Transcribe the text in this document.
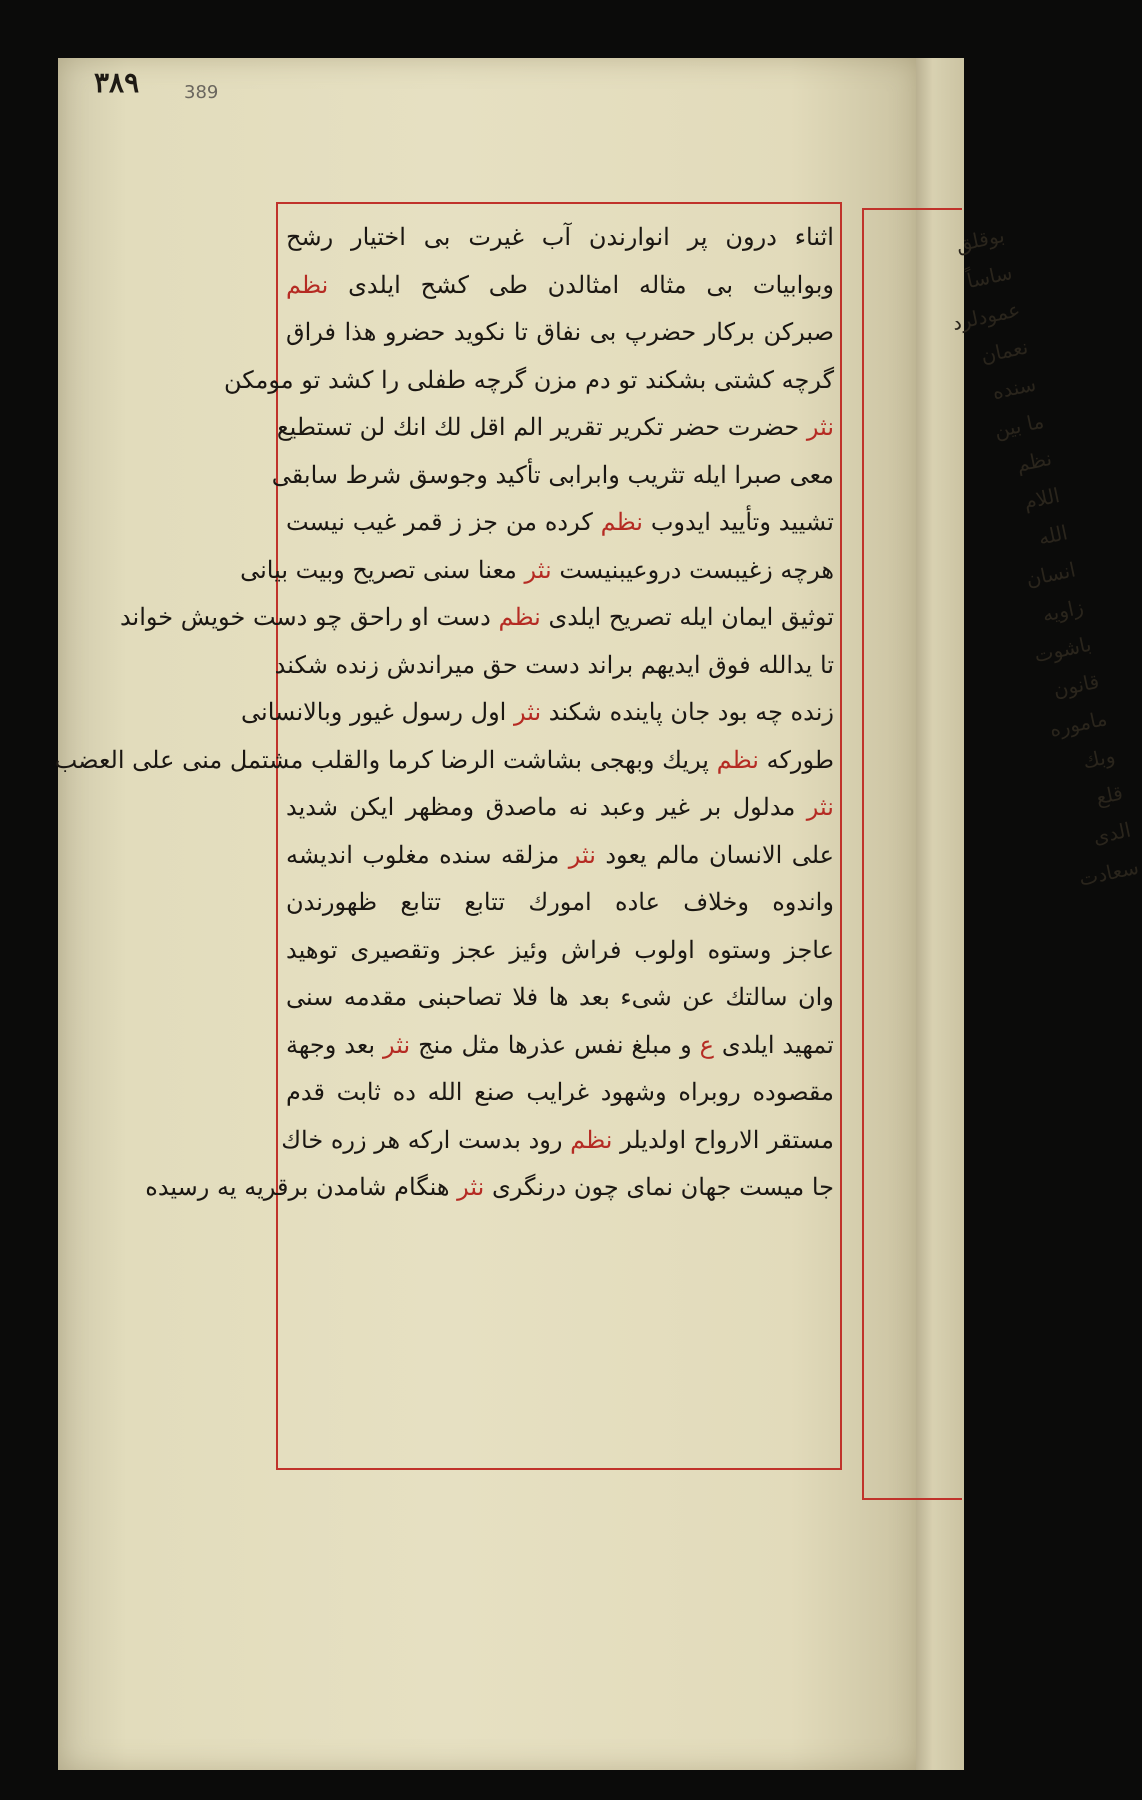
٣٨٩ 389
اثناء درون پر انوارندن آب غیرت بی اختیار رشح
وبوابیات بی مثاله امثالدن طی کشح ایلدی نظم
صبرکن برکار حضرپ بی نفاق تا نکوید حضرو هذا فراق
گرچه کشتی بشکند تو دم مزن گرچه طفلی را کشد تو مومکن
نثر حضرت حضر تکریر تقریر الم اقل لك انك لن تستطیع
معی صبرا ایله تثریب وابرابی تأکید وجوسق شرط سابقی
تشیید وتأیید ایدوب نظم کرده من جز ز قمر غیب نیست
هرچه زغیبست دروعیبنیست نثر معنا سنی تصریح وبیت بیانی
توثیق ایمان ایله تصریح ایلدی نظم دست او راحق چو دست خویش خواند
تا یدالله فوق ایدیهم براند دست حق میراندش زنده شکند
زنده چه بود جان پاینده شکند نثر اول رسول غیور وبالانسانی
طورکه نظم پریك وبهجی بشاشت الرضا کرما والقلب مشتمل منی علی العضب
نثر مدلول بر غیر وعبد نه ماصدق ومظهر ایکن شدید
علی الانسان مالم یعود نثر مزلقه سنده مغلوب اندیشه
واندوه وخلاف عاده امورك تتابع تتابع ظهورندن
عاجز وستوه اولوب فراش وئیز عجز وتقصیری توهید
وان سالتك عن شیء بعد ها فلا تصاحبنی مقدمه سنی
تمهید ایلدی ع و مبلغ نفس عذرها مثل منج نثر بعد وجهة
مقصوده روبراه وشهود غرایب صنع الله ده ثابت قدم
مستقر الارواح اولدیلر نظم رود بدست ارکه هر زره خاك
جا میست جهان نمای چون درنگری نثر هنگام شامدن برقریه یه رسیده
بوقلق
ساساً
عمودلرد
نعمان
سنده
ما بین
نظم
اللام
الله
انسان
زاویه
باشوت
قانون
ماموره
وبك
قلع
الدی
سعادت
